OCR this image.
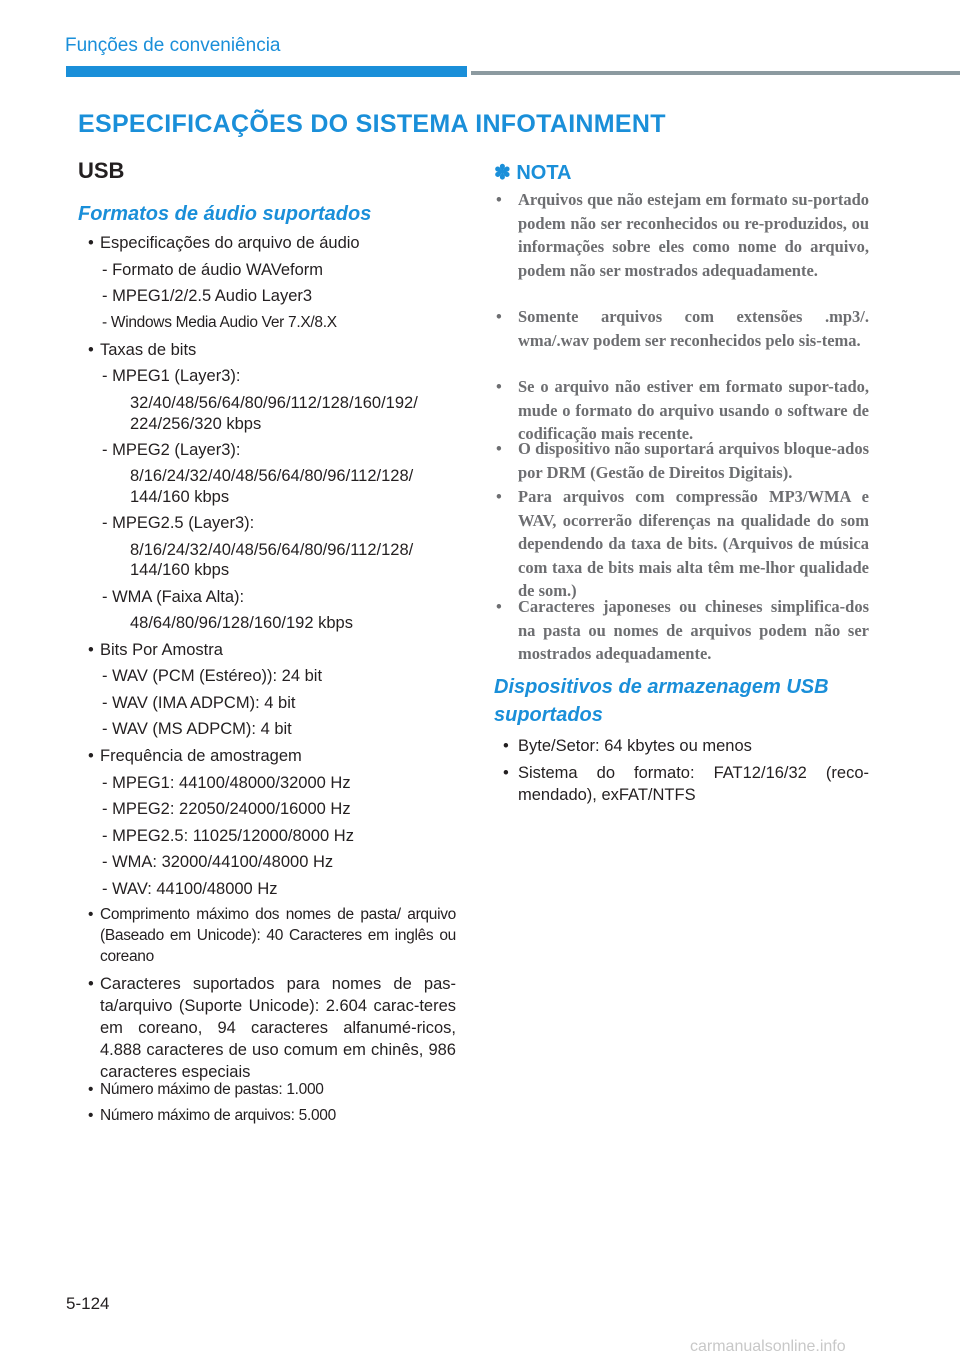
Funções de conveniência
ESPECIFICAÇÕES DO SISTEMA INFOTAINMENT
USB
Formatos de áudio suportados
• Especificações do arquivo de áudio
- Formato de áudio WAVeform
- MPEG1/2/2.5 Audio Layer3
- Windows Media Audio Ver 7.X/8.X
• Taxas de bits
- MPEG1 (Layer3):
32/40/48/56/64/80/96/112/128/160/192/
224/256/320 kbps
- MPEG2 (Layer3):
8/16/24/32/40/48/56/64/80/96/112/128/
144/160 kbps
- MPEG2.5 (Layer3):
8/16/24/32/40/48/56/64/80/96/112/128/
144/160 kbps
- WMA (Faixa Alta):
48/64/80/96/128/160/192 kbps
• Bits Por Amostra
- WAV (PCM (Estéreo)): 24 bit
- WAV (IMA ADPCM): 4 bit
- WAV (MS ADPCM): 4 bit
• Frequência de amostragem
- MPEG1: 44100/48000/32000 Hz
- MPEG2: 22050/24000/16000 Hz
- MPEG2.5: 11025/12000/8000 Hz
- WMA: 32000/44100/48000 Hz
- WAV: 44100/48000 Hz
• Comprimento máximo dos nomes de pasta/ arquivo (Baseado em Unicode): 40 Caracteres em inglês ou coreano
• Caracteres suportados para nomes de pas-ta/arquivo (Suporte Unicode): 2.604 carac-teres em coreano, 94 caracteres alfanumé-ricos, 4.888 caracteres de uso comum em chinês, 986 caracteres especiais
• Número máximo de pastas: 1.000
• Número máximo de arquivos: 5.000
✽ NOTA
• Arquivos que não estejam em formato su-portado podem não ser reconhecidos ou re-produzidos, ou informações sobre eles como nome do arquivo, podem não ser mostrados adequadamente.
• Somente arquivos com extensões .mp3/. wma/.wav podem ser reconhecidos pelo sis-tema.
• Se o arquivo não estiver em formato supor-tado, mude o formato do arquivo usando o software de codificação mais recente.
• O dispositivo não suportará arquivos bloque-ados por DRM (Gestão de Direitos Digitais).
• Para arquivos com compressão MP3/WMA e WAV, ocorrerão diferenças na qualidade do som dependendo da taxa de bits. (Arquivos de música com taxa de bits mais alta têm me-lhor qualidade de som.)
• Caracteres japoneses ou chineses simplifica-dos na pasta ou nomes de arquivos podem não ser mostrados adequadamente.
Dispositivos de armazenagem USB
suportados
• Byte/Setor: 64 kbytes ou menos
• Sistema do formato: FAT12/16/32 (reco-mendado), exFAT/NTFS
5-124
carmanualsonline.info
